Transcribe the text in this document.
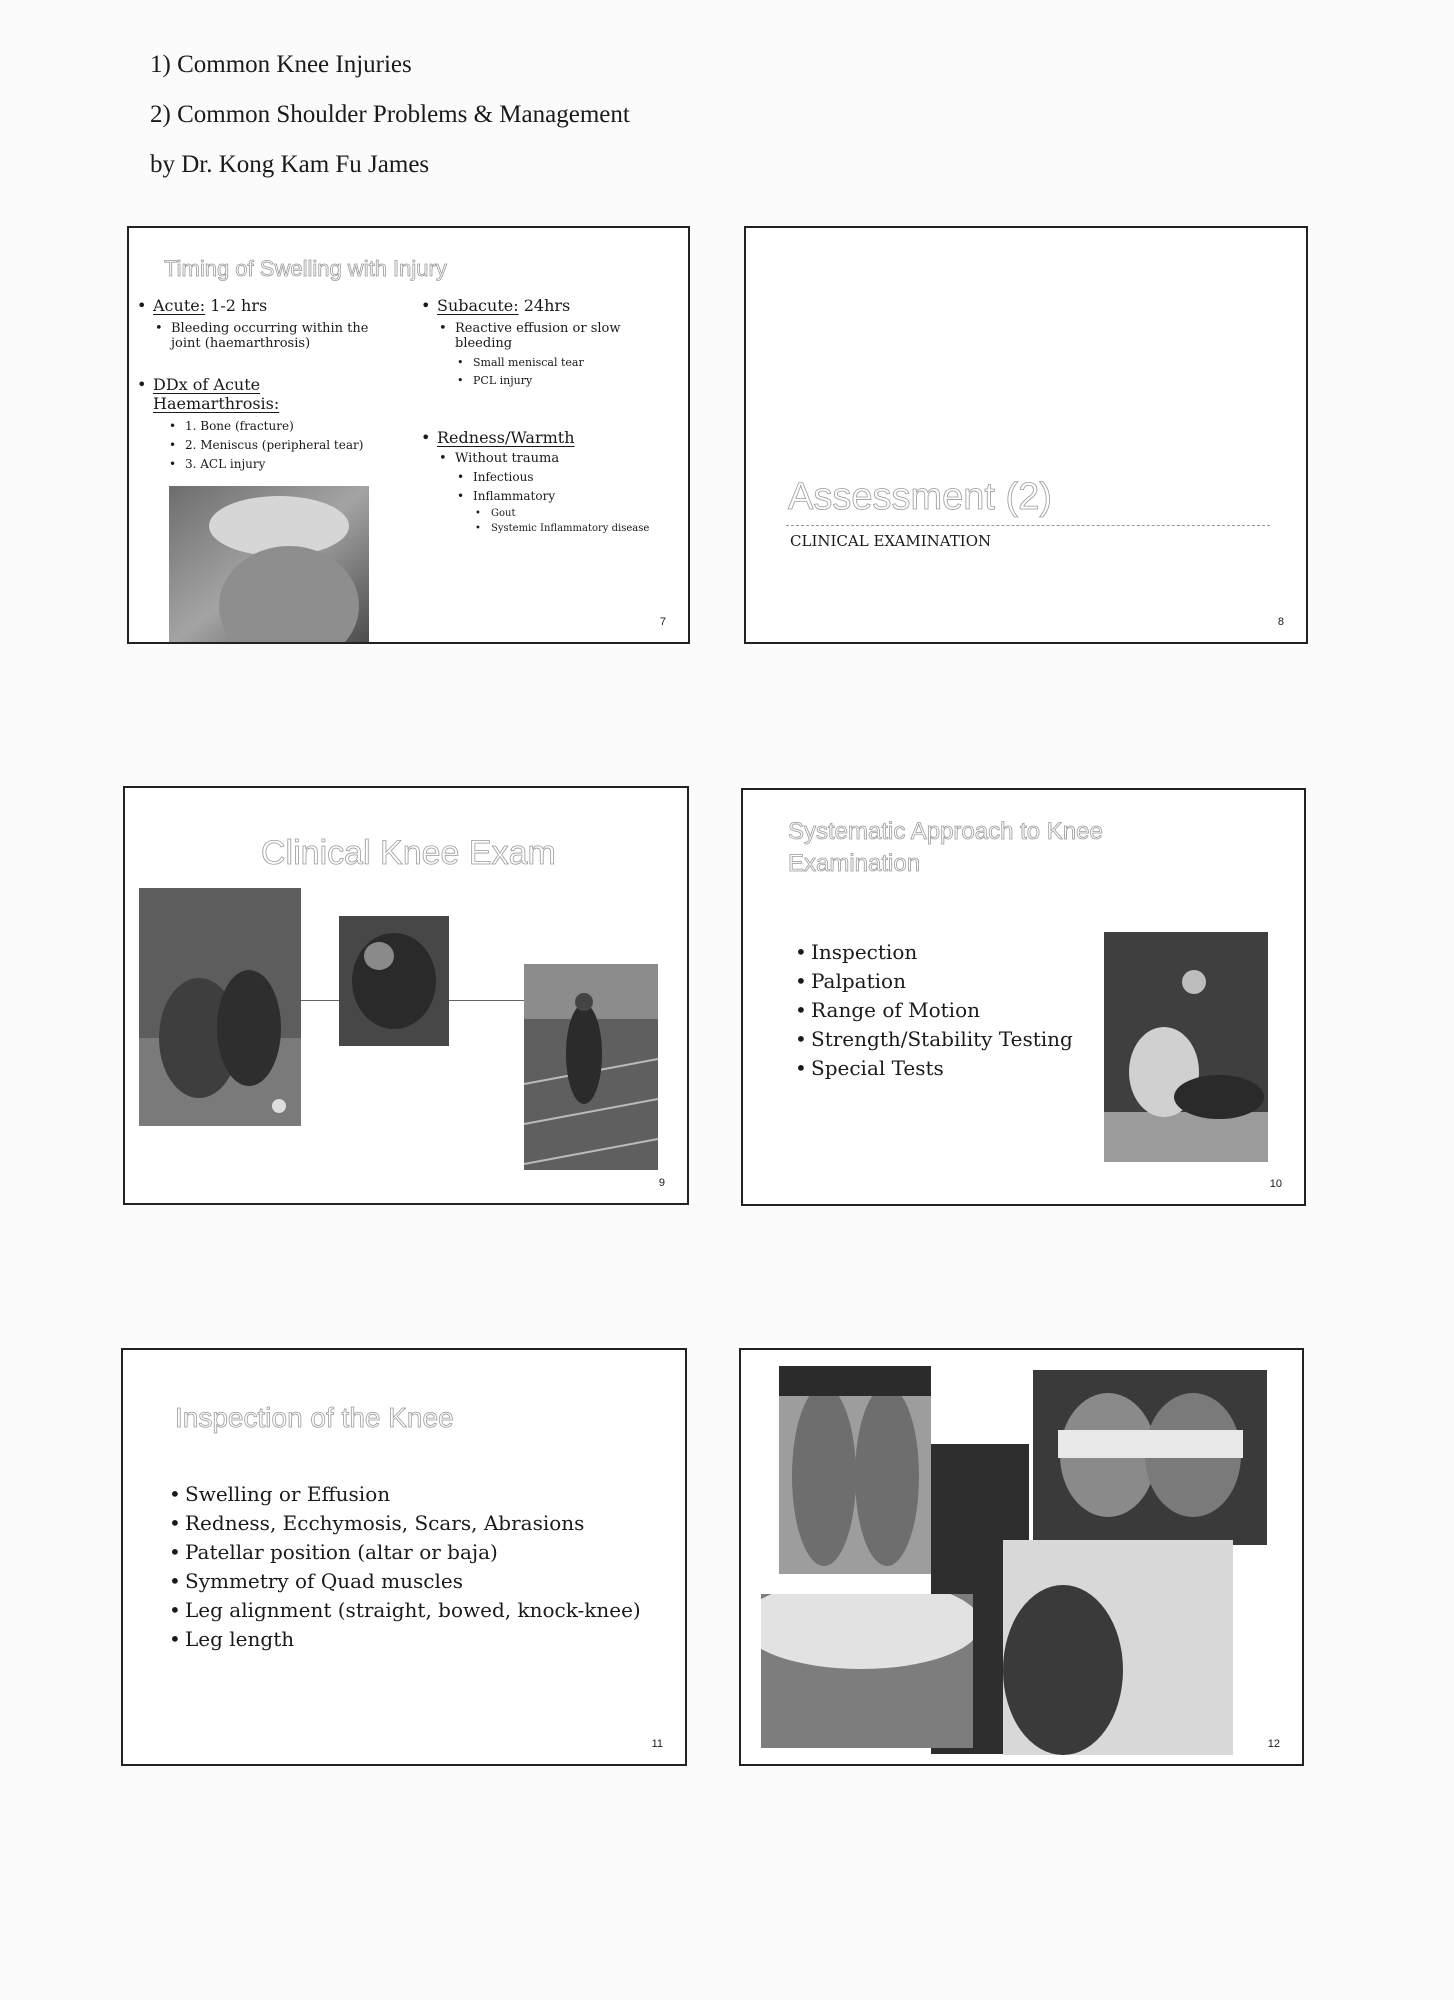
1) Common Knee Injuries
2) Common Shoulder Problems & Management
by Dr. Kong Kam Fu James
Timing of Swelling with Injury
• Acute: 1-2 hrs
• Bleeding occurring within the joint (haemarthrosis)
• DDx of Acute Haemarthrosis:
• 1. Bone (fracture)
• 2. Meniscus (peripheral tear)
• 3. ACL injury
• Subacute: 24hrs
• Reactive effusion or slow bleeding
• Small meniscal tear
• PCL injury
• Redness/Warmth
• Without trauma
• Infectious
• Inflammatory
• Gout
• Systemic Inflammatory disease
7
Assessment (2)
CLINICAL EXAMINATION
8
Clinical Knee Exam
9
Systematic Approach to Knee
Examination
• Inspection
• Palpation
• Range of Motion
• Strength/Stability Testing
• Special Tests
10
Inspection of the Knee
• Swelling or Effusion
• Redness, Ecchymosis, Scars, Abrasions
• Patellar position (altar or baja)
• Symmetry of Quad muscles
• Leg alignment (straight, bowed, knock-knee)
• Leg length
11	12
